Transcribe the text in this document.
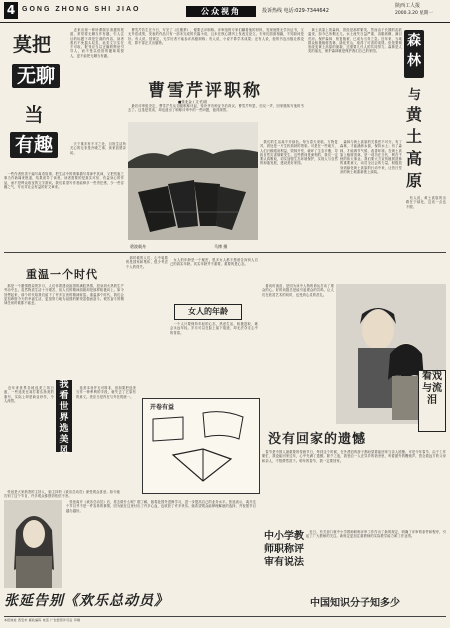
4 GONG ZHONG SHI JIAO	公众视角	投诉热线 电话:029-7344642
陕西工人报
2000.3.20 星期一
莫把
无聊
当
有趣
　近来出现一种所谓娱乐消遣的报道，常常将无聊当作有趣，引人注目的标题下却是空洞的内容，读者看后不免摇头叹息，此类文字实在不可取。报刊应当以正确的舆论引导人，而不是以低俗的趣味取悦人，更不能把无聊当有趣。
　一些作者热衷于编写离奇故事，把生活中的琐事描写得神乎其神，又把荒唐之事当作新闻来报道，结果误导了读者。读者需要的是真实可信、有益身心的作品，而不是哗众取宠的文字游戏。我们希望写作者能够多一些责任感，少一些浮躁之气，写出对社会有益的好文章来。
　天下事多有不平之处，百姓生活所关心的无非是冷暖之事，读来倍感亲切。
曹雪芹评职称
■张北金 / 文·孔明
　曹雪芹若生在今日，写完了《红楼梦》，便要去评职称。评审组的专家们翻看他的材料，发现他既无学历证书，又无外语成绩，发表的作品只有一部未完成的长篇小说，且未在核心期刊上发表过论文。专家们面面相觑，不知如何是好。有人说，按规定，无学历者不能参评高级职称；有人说，小说不算学术成果；还有人说，他的书连出版社都没有，算不得正式出版物。
　最后评审组决定，曹雪芹先从初级职称评起，待补齐各种证书后再议。曹雪芹听罢，长叹一声，回家继续写他的书去了。这虽是笑谈，却也道出了职称评审中的一些问题，值得深思。
　黄土高原上的森林，曾经是那样繁茂，然而由于长期的乱砍滥伐，如今已所剩无几。水土流失日益严重，沟壑纵横，满目荒凉。保护森林、恢复植被，已成为当务之急。近年来，当地群众积极植树造林，绿化荒山，取得了可喜的成绩。但是要彻底改变黄土高原的面貌，还需要几代人的共同努力。森林是人类的朋友，保护森林就是保护我们自己的家园。
森
林
与
黄
土
高
原
　森林与黄土高原的关系密不可分。有了森林，才能涵养水源，保持水土；有了森林，才能调节气候，改善环境。在黄土高原上植树造林，是一项功在当代、利在千秋的伟大事业。我们要大力宣传植树造林的重要意义，动员全社会的力量，积极投身到绿化黄土高原的行动中来，让昔日荒凉的黄土地重新披上绿装。
　有人说，黄土高原的出路在于绿化，这话一点也不假。
碧波载舟	马博 摄
　我们的生活离不开绿色。每当春天来临，万物复苏，到处是一片生机勃勃的景象。可是在一些地方，人们只顾眼前利益，毁林开荒，破坏了生态平衡，导致自然灾害频繁发生。这些教训是深刻的，我们一定要认真吸取，切实加强生态环境保护，实现人与自然的和谐发展，建设美好家园。
重温一个时代
　那是一个激情燃烧的岁月，人们怀着建设祖国的满腔热情，投身到火热的生产劳动中去。虽然物质生活十分艰苦，但人们的精神面貌却是那样积极向上。如今回想起来，那个时代给我们留下了许多宝贵的精神财富。重温那个时代，我们会更加珍惜今天的幸福生活，更加努力地为祖国的繁荣富强而奋斗。艰苦奋斗的精神任何时候都不能丢。
　那时候的人们，心中装着的是国家和集体，很少考虑个人的得失。
女人的年龄
　女人的年龄是一个秘密，很多女人都不愿意告诉别人自己的真实年龄。其实年龄并不重要，重要的是心态。
　一个人只要保持年轻的心态，热爱生活，积极进取，就会永远年轻。岁月可以在脸上留下痕迹，却无法夺走心中的青春。
看戏与流泪
　看戏时流泪，是因为戏中人物的命运打动了观众的心。好的戏剧总是能引起观众的共鸣，让人们在欣赏艺术的同时，也受到心灵的洗礼。
我看世界选美风
　近年来世界各地选美之风日盛，一些选美比赛打着弘扬美的旗号，实际上却是商业炒作，令人深思。
　选美本身并无可厚非，但如果把选美当作一种牟利的手段，就失去了它原有的意义。美应当是内在与外在的统一。
开卷有益
没有回家的遗憾
　春节是中国人最重要的传统节日，每到这个时候，在外漂泊的游子都盼望着能回家与亲人团聚。可是今年春节，由于工作繁忙，我没能回家过年，心中充满了遗憾。除夕之夜，我独自一人在异乡的宿舍里，听着窗外的鞭炮声，思念着远方的父母和亲人，不禁潸然泪下。明年的春节，我一定要回家。
　张延是大家熟悉的主持人，她主持的《欢乐总动员》深受观众喜爱。如今她告别了这个节目，许多观众都感到依依不舍。
　张延离开《欢乐总动员》后，将去做什么呢？据了解，她将赴国外进修学习，进一步提高自己的业务水平。张延表示，离开这个节目并不是一件容易的事情，因为她在这里付出了许多心血，也收获了许多快乐。她希望观众能够理解她的选择，并祝愿节目越办越好。
张延告别《欢乐总动员》
中小学教师职称评审有说法
　近日，有关部门就中小学教师职称评审工作作出了新的规定，明确了评审的条件和程序，引起了广大教师的关注。新规定更加注重教师的实际教学能力和工作业绩。
中国知识分子知多少
本报地址 西安市 邮政编码 电话 广告经营许可证 印刷
